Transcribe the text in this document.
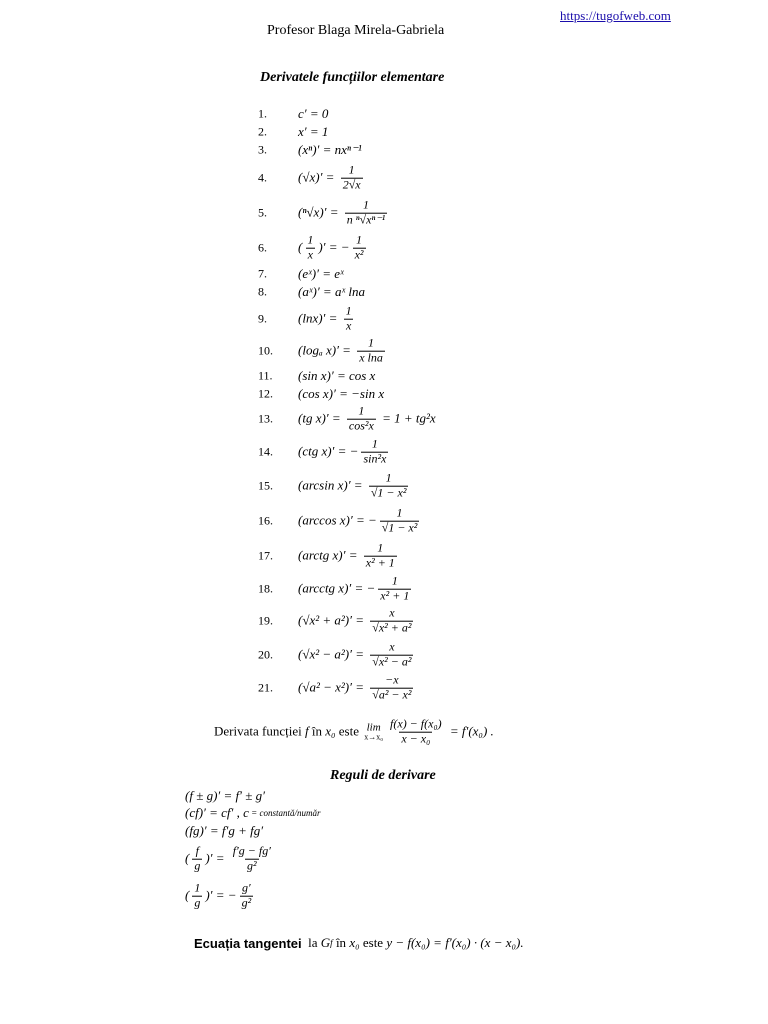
https://tugofweb.com
Profesor Blaga Mirela-Gabriela
Derivatele funcțiilor elementare
1. c′ = 0
2. x′ = 1
3. (xⁿ)′ = nxⁿ⁻¹
4. $(√x)' = \frac{1}{2√x}$
5. $(^n√x)' = \frac{1}{\text{n ⁿ√xⁿ⁻¹}}$
6. ( $\frac{1}{x}$ )′ = − $\frac{1}{\text{x²}}$
7. (eˣ)′ = eˣ
8. (aˣ)′ = aˣ lna
9. $(\ln x)' = \frac{1}{x}$
10. (logₐ $x)' = \frac{1}{\text{x lna}}$
11. (sin x)′ = cos x
12. (cos x)′ = −sin x
13. (tg $x)' = \frac{1}{\text{cos²x}} = 1 + tg^2x$
14. (ctg x)′ = − $\frac{1}{\text{sin²x}}$
15. (arcsin $x)' = \frac{1}{\text{√1 − x²}}$
16. (arccos x)′ = − $\frac{1}{\text{√1 − x²}}$
17. (arctg $x)' = \frac{1}{\text{x² + 1}}$
18. (arcctg x)′ = − $\frac{1}{\text{x² + 1}}$
19. $(√x^2 + a^2)' = \frac{x}{\text{√x² + a²}}$
20. $(√x^2 - a^2)' = \frac{x}{\text{√x² − a²}}$
21. $(√a^2 - x^2)' = \frac{-x}{\text{√a² − x²}}$
Derivata funcției f în x₀ este lim
$x\to x_0 \frac{\text{f(x) − f(x₀)}}{\text{x − x₀}} = f'(x_0)$ .
Reguli de derivare
(f ± g)′ = f′ ± g′
(cf)′ = cf′ , c = constantă/număr
(fg)′ = f′g + fg′
( $\frac{f}{g}$ )′ = $\frac{f'g - fg'}{\text{g²}}$
( $\frac{1}{g}$ )′ = − $\frac{g'}{\text{g²}}$
Ecuația tangentei la G f în x₀ este y − f(x₀) = f′(x₀) · (x − x₀).
